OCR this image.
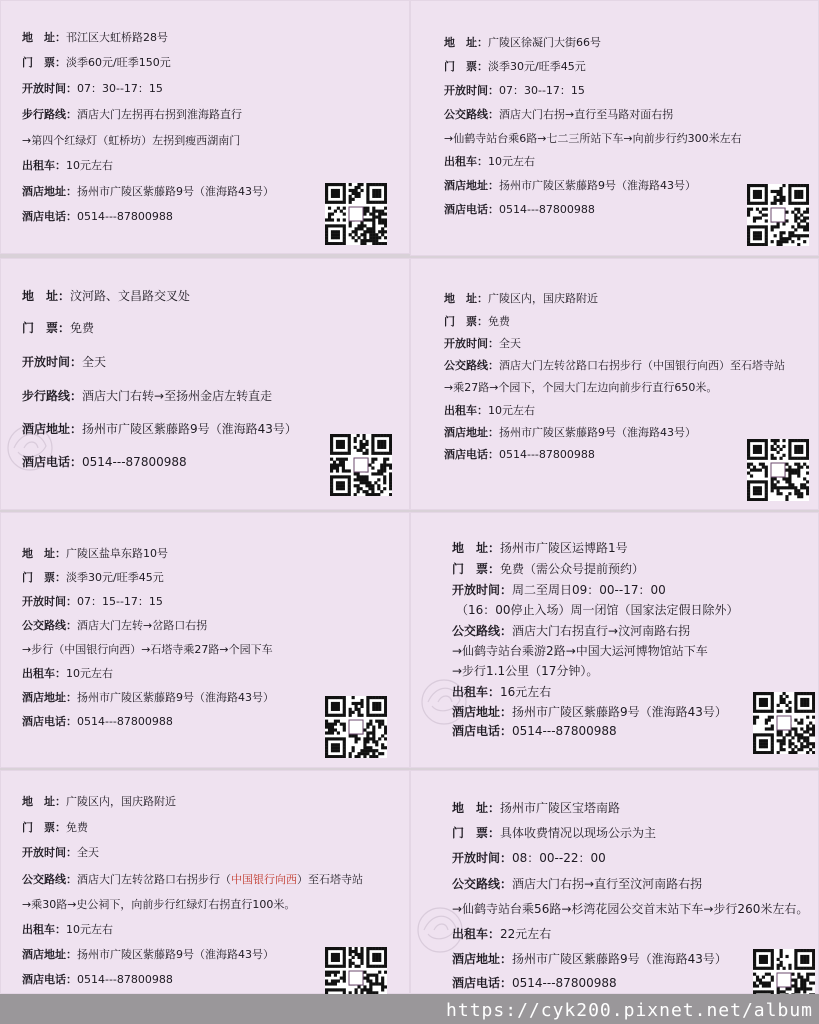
地　址：邗江区大虹桥路28号
门　票：淡季60元/旺季150元
开放时间：07：30--17：15
步行路线：酒店大门左拐再右拐到淮海路直行
→第四个红绿灯（虹桥坊）左拐到瘦西湖南门
出租车：10元左右
酒店地址：扬州市广陵区紫藤路9号（淮海路43号）
酒店电话：0514---87800988
地　址：广陵区徐凝门大街66号
门　票：淡季30元/旺季45元
开放时间：07：30--17：15
公交路线：酒店大门右拐→直行至马路对面右拐
→仙鹤寺站台乘6路→七二三所站下车→向前步行约300米左右
出租车：10元左右
酒店地址：扬州市广陵区紫藤路9号（淮海路43号）
酒店电话：0514---87800988
地　址：汶河路、文昌路交叉处
门　票：免费
开放时间：全天
步行路线：酒店大门右转→至扬州金店左转直走
酒店地址：扬州市广陵区紫藤路9号（淮海路43号）
酒店电话：0514---87800988
地　址：广陵区内，国庆路附近
门　票：免费
开放时间：全天
公交路线：酒店大门左转岔路口右拐步行（中国银行向西）至石塔寺站
→乘27路→个园下，个园大门左边向前步行直行650米。
出租车：10元左右
酒店地址：扬州市广陵区紫藤路9号（淮海路43号）
酒店电话：0514---87800988
地　址：广陵区盐阜东路10号
门　票：淡季30元/旺季45元
开放时间：07：15--17：15
公交路线：酒店大门左转→岔路口右拐
→步行（中国银行向西）→石塔寺乘27路→个园下车
出租车：10元左右
酒店地址：扬州市广陵区紫藤路9号（淮海路43号）
酒店电话：0514---87800988
地　址：扬州市广陵区运博路1号
门　票：免费（需公众号提前预约）
开放时间：周二至周日09：00--17：00
（16：00停止入场）周一闭馆（国家法定假日除外）
公交路线：酒店大门右拐直行→汶河南路右拐
→仙鹤寺站台乘游2路→中国大运河博物馆站下车
→步行1.1公里（17分钟）。
出租车：16元左右
酒店地址：扬州市广陵区紫藤路9号（淮海路43号）
酒店电话：0514---87800988
地　址：广陵区内，国庆路附近
门　票：免费
开放时间：全天
公交路线：酒店大门左转岔路口右拐步行（中国银行向西）至石塔寺站
→乘30路→史公祠下，向前步行红绿灯右拐直行100米。
出租车：10元左右
酒店地址：扬州市广陵区紫藤路9号（淮海路43号）
酒店电话：0514---87800988
地　址：扬州市广陵区宝塔南路
门　票：具体收费情况以现场公示为主
开放时间：08：00--22：00
公交路线：酒店大门右拐→直行至汶河南路右拐
→仙鹤寺站台乘56路→杉湾花园公交首末站下车→步行260米左右。
出租车：22元左右
酒店地址：扬州市广陵区紫藤路9号（淮海路43号）
酒店电话：0514---87800988
https://cyk200.pixnet.net/album
